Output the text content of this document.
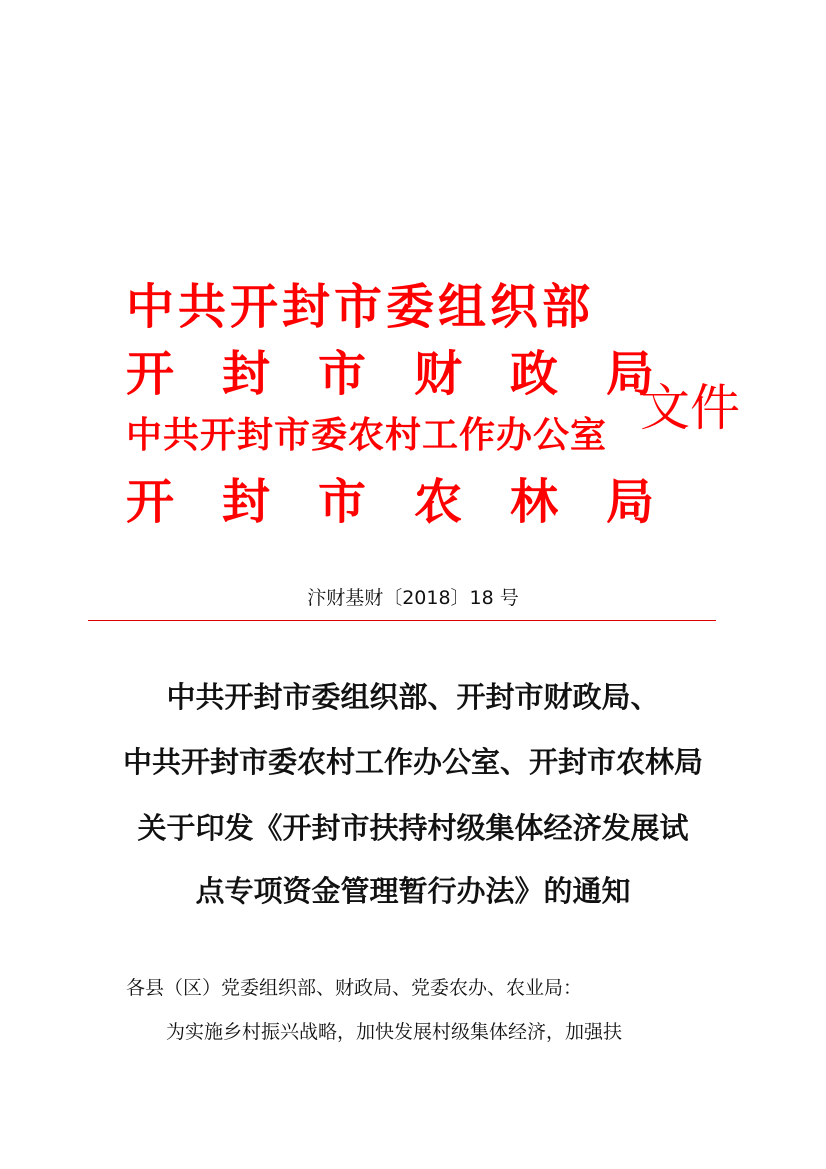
中共开封市委组织部
开封市财政局
中共开封市委农村工作办公室
开封市农林局
文件
汴财基财〔2018〕18 号
中共开封市委组织部、开封市财政局、
中共开封市委农村工作办公室、开封市农林局
关于印发《开封市扶持村级集体经济发展试
点专项资金管理暂行办法》的通知
各县（区）党委组织部、财政局、党委农办、农业局：
为实施乡村振兴战略，加快发展村级集体经济，加强扶
